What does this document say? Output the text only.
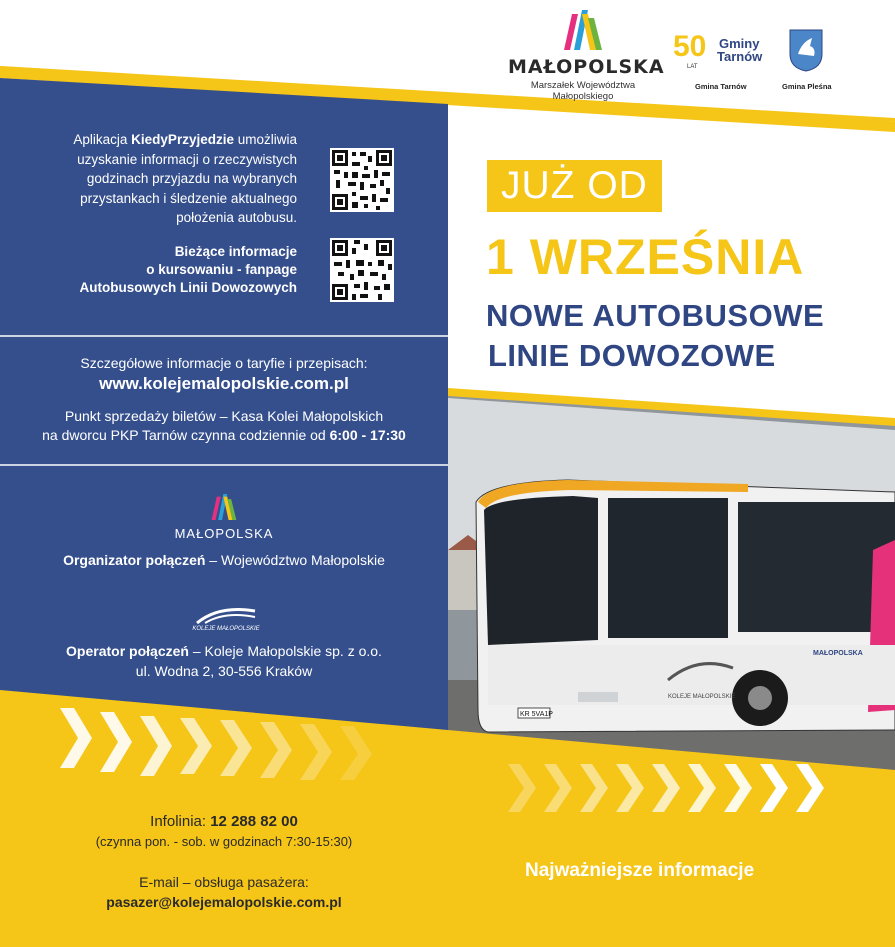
KR 5VA1P
KOLEJE MAŁOPOLSKIE
MAŁOPOLSKA
MAŁOPOLSKA
Marszałek Województwa Małopolskiego
50
LAT
Gminy
Tarnów
Gmina Tarnów	Gmina Pleśna
Aplikacja KiedyPrzyjedzie umożliwia
uzyskanie informacji o rzeczywistych
godzinach przyjazdu na wybranych
przystankach i śledzenie aktualnego
położenia autobusu.
Bieżące informacje
o kursowaniu - fanpage
Autobusowych Linii Dowozowych
Szczegółowe informacje o taryfie i przepisach:
www.kolejemalopolskie.com.pl
Punkt sprzedaży biletów – Kasa Kolei Małopolskich
na dworcu PKP Tarnów czynna codziennie od 6:00 - 17:30
MAŁOPOLSKA
Organizator połączeń – Województwo Małopolskie
KOLEJE MAŁOPOLSKIE
Operator połączeń – Koleje Małopolskie sp. z o.o.
ul. Wodna 2, 30-556 Kraków
JUŻ OD
1 WRZEŚNIA
NOWE AUTOBUSOWE
LINIE DOWOZOWE
Infolinia: 12 288 82 00
(czynna pon. - sob. w godzinach 7:30-15:30)
E-mail – obsługa pasażera:
pasazer@kolejemalopolskie.com.pl
Najważniejsze informacje
